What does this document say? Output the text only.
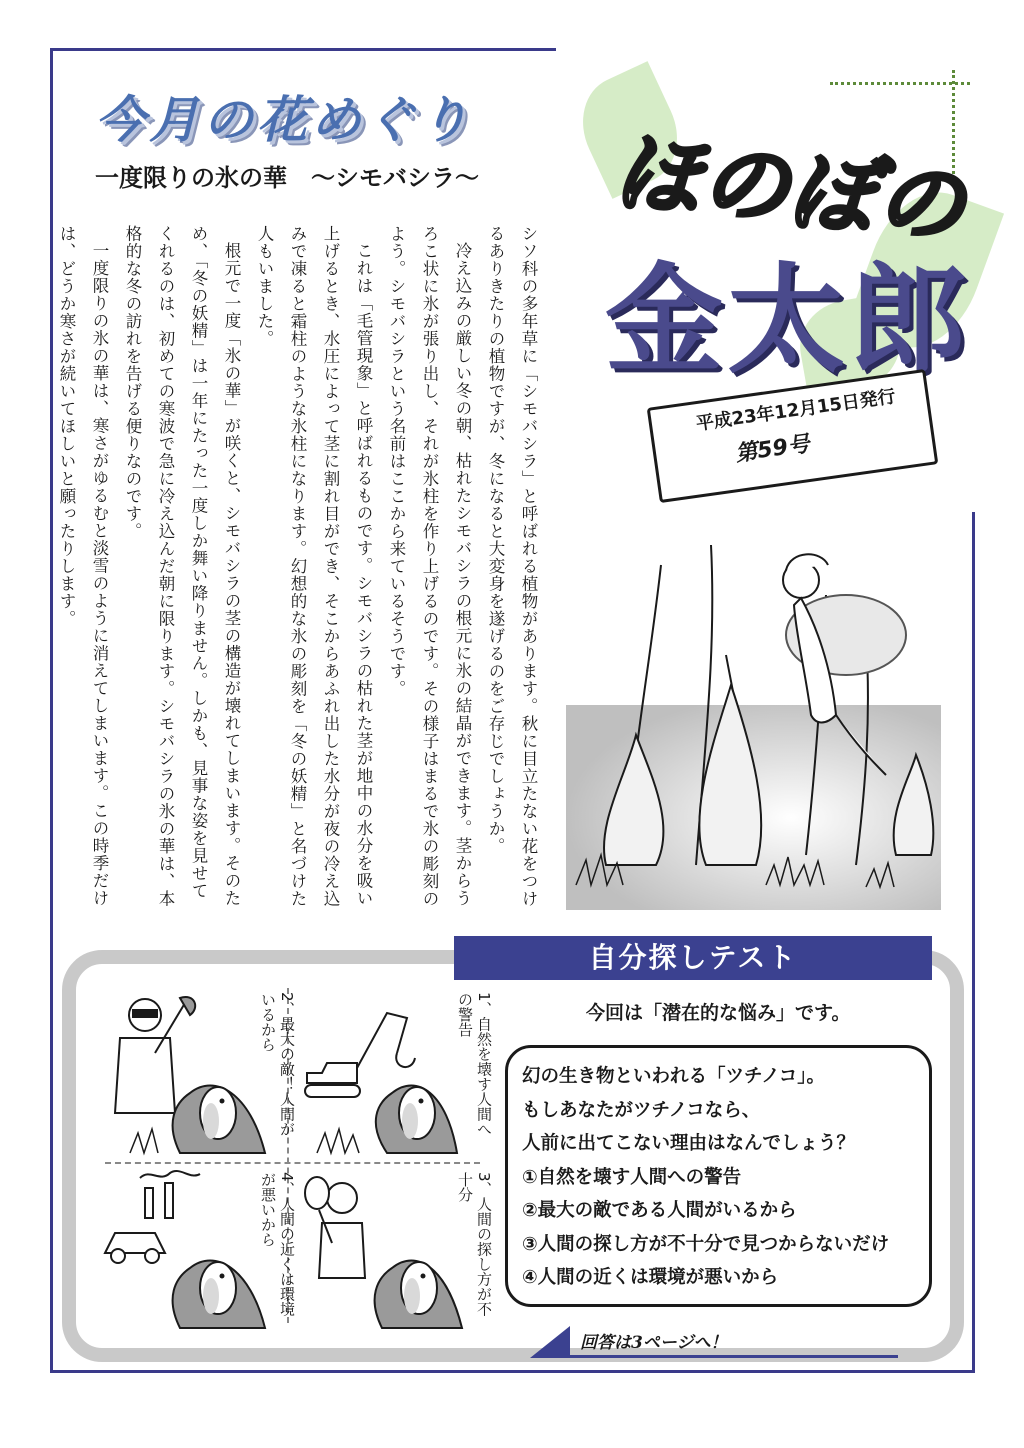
今月の花めぐり
一度限りの氷の華　〜シモバシラ〜

シソ科の多年草に「シモバシラ」と呼ばれる植物があります。秋に目立たない花をつけるありきたりの植物ですが、冬になると大変身を遂げるのをご存じでしょうか。

冷え込みの厳しい冬の朝、枯れたシモバシラの根元に氷の結晶ができます。茎からうろこ状に氷が張り出し、それが氷柱を作り上げるのです。その様子はまるで氷の彫刻のよう。シモバシラという名前はここから来ているそうです。

これは「毛管現象」と呼ばれるものです。シモバシラの枯れた茎が地中の水分を吸い上げるとき、水圧によって茎に割れ目ができ、そこからあふれ出した水分が夜の冷え込みで凍ると霜柱のような氷柱になります。幻想的な氷の彫刻を「冬の妖精」と名づけた人もいました。

根元で一度「氷の華」が咲くと、シモバシラの茎の構造が壊れてしまいます。そのため、「冬の妖精」は一年にたった一度しか舞い降りません。しかも、見事な姿を見せてくれるのは、初めての寒波で急に冷え込んだ朝に限ります。シモバシラの氷の華は、本格的な冬の訪れを告げる便りなのです。

一度限りの氷の華は、寒さがゆるむと淡雪のように消えてしまいます。この時季だけは、どうか寒さが続いてほしいと願ったりします。

ほのぼの
金太郎
平成23年12月15日発行
第59号
自分探しテスト
今回は「潜在的な悩み」です。
幻の生き物といわれる「ツチノコ」。
もしあなたがツチノコなら、
人前に出てこない理由はなんでしょう？
①自然を壊す人間への警告
②最大の敵である人間がいるから
③人間の探し方が不十分で見つからないだけ
④人間の近くは環境が悪いから
回答は3ページへ！
1、自然を壊す人間への警告
2、最大の敵！人間がいるから
3、人間の探し方が不十分
4、人間の近くは環境が悪いから
